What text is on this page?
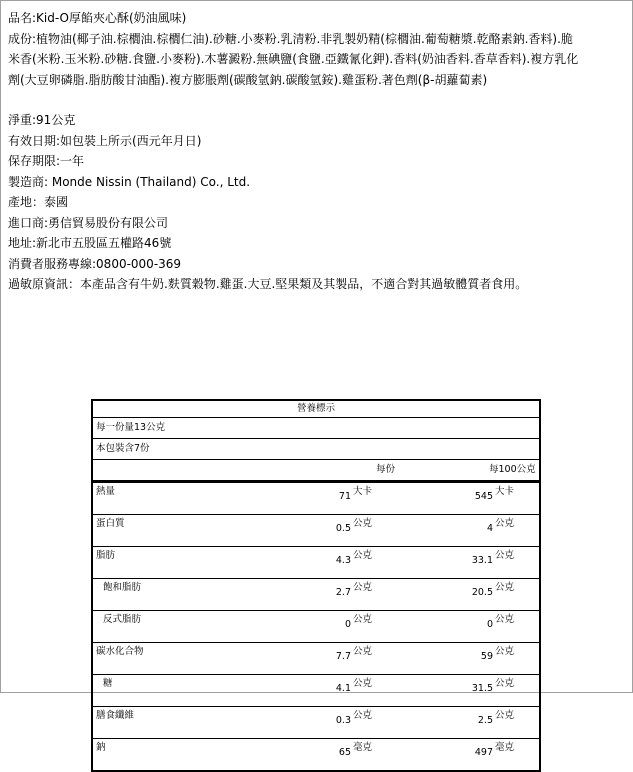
品名:Kid-O厚餡夾心酥(奶油風味)

成份:植物油(椰子油.棕櫚油.棕櫚仁油).砂糖.小麥粉.乳清粉.非乳製奶精(棕櫚油.葡萄糖漿.乾酪素鈉.香料).脆

米香(米粉.玉米粉.砂糖.食鹽.小麥粉).木薯澱粉.無碘鹽(食鹽.亞鐵氰化鉀).香料(奶油香料.香草香料).複方乳化

劑(大豆卵磷脂.脂肪酸甘油酯).複方膨脹劑(碳酸氫鈉.碳酸氫銨).雞蛋粉.著色劑(β-胡蘿蔔素)

淨重:91公克

有效日期:如包裝上所示(西元年月日)

保存期限:一年

製造商: Monde Nissin (Thailand) Co., Ltd.

產地：泰國

進口商:勇信貿易股份有限公司

地址:新北市五股區五權路46號

消費者服務專線:0800-000-369

過敏原資訊：本產品含有牛奶.麩質穀物.雞蛋.大豆.堅果類及其製品，不適合對其過敏體質者食用。

營養標示
每一份量13公克
本包裝含7份
每份	每100公克
熱量	71	大卡	545	大卡
蛋白質	0.5	公克	4	公克
脂肪	4.3	公克	33.1	公克
飽和脂肪	2.7	公克	20.5	公克
反式脂肪	0	公克	0	公克
碳水化合物	7.7	公克	59	公克
糖	4.1	公克	31.5	公克
膳食纖維	0.3	公克	2.5	公克
鈉	65	毫克	497	毫克
